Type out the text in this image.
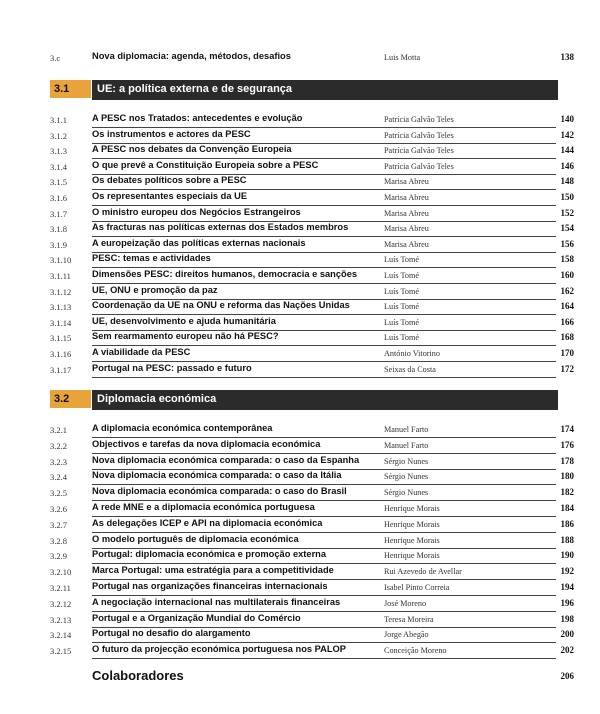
3.c	Nova diplomacia: agenda, métodos, desafios	Luis Motta	138
3.1	UE: a política externa e de segurança
3.1.1	A PESC nos Tratados: antecedentes e evolução	Patrícia Galvão Teles	140
3.1.2	Os instrumentos e actores da PESC	Patrícia Galvão Teles	142
3.1.3	A PESC nos debates da Convenção Europeia	Patrícia Galvão Teles	144
3.1.4	O que prevê a Constituição Europeia sobre a PESC	Patrícia Galvão Teles	146
3.1.5	Os debates políticos sobre a PESC	Marisa Abreu	148
3.1.6	Os representantes especiais da UE	Marisa Abreu	150
3.1.7	O ministro europeu dos Negócios Estrangeiros	Marisa Abreu	152
3.1.8	As fracturas nas políticas externas dos Estados membros	Marisa Abreu	154
3.1.9	A europeização das políticas externas nacionais	Marisa Abreu	156
3.1.10 PESC: temas e actividades	Luís Tomé	158
3.1.11 Dimensões PESC: direitos humanos, democracia e sanções	Luís Tomé	160
3.1.12 UE, ONU e promoção da paz	Luís Tomé	162
3.1.13 Coordenação da UE na ONU e reforma das Nações Unidas	Luís Tomé	164
3.1.14 UE, desenvolvimento e ajuda humanitária	Luís Tomé	166
3.1.15 Sem rearmamento europeu não há PESC?	Luís Tomé	168
3.1.16 A viabilidade da PESC	António Vitorino	170
3.1.17 Portugal na PESC: passado e futuro	Seixas da Costa	172
3.2	Diplomacia económica
3.2.1	A diplomacia económica contemporânea	Manuel Farto	174
3.2.2	Objectivos e tarefas da nova diplomacia económica	Manuel Farto	176
3.2.3	Nova diplomacia económica comparada: o caso da Espanha	Sérgio Nunes	178
3.2.4	Nova diplomacia económica comparada: o caso da Itália	Sérgio Nunes	180
3.2.5	Nova diplomacia económica comparada: o caso do Brasil	Sérgio Nunes	182
3.2.6	A rede MNE e a diplomacia económica portuguesa	Henrique Morais	184
3.2.7	As delegações ICEP e API na diplomacia económica	Henrique Morais	186
3.2.8	O modelo português de diplomacia económica	Henrique Morais	188
3.2.9	Portugal: diplomacia económica e promoção externa	Henrique Morais	190
3.2.10 Marca Portugal: uma estratégia para a competitividade	Rui Azevedo de Avellar	192
3.2.11 Portugal nas organizações financeiras internacionais	Isabel Pinto Correia	194
3.2.12 A negociação internacional nas multilaterais financeiras	José Moreno	196
3.2.13 Portugal e a Organização Mundial do Comércio	Teresa Moreira	198
3.2.14 Portugal no desafio do alargamento	Jorge Abegão	200
3.2.15 O futuro da projecção económica portuguesa nos PALOP	Conceição Moreno	202
Colaboradores	206
